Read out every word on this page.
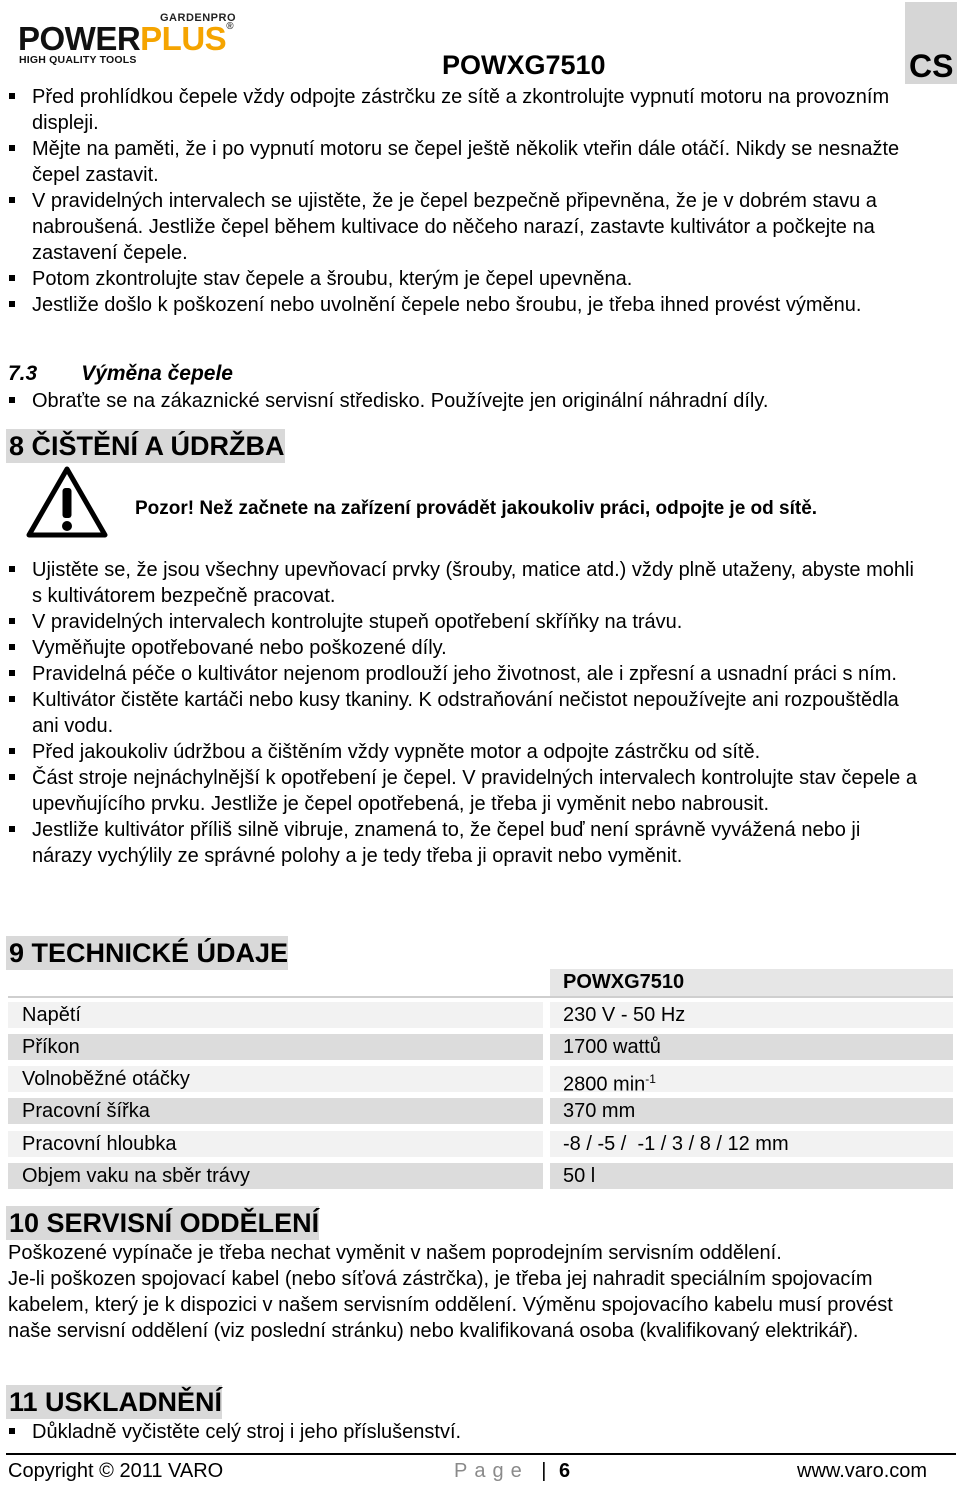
GARDENPRO
POWERPLUS®
HIGH QUALITY TOOLS	POWXG7510	CS
Před prohlídkou čepele vždy odpojte zástrčku ze sítě a zkontrolujte vypnutí motoru na provozním displeji.
Mějte na paměti, že i po vypnutí motoru se čepel ještě několik vteřin dále otáčí. Nikdy se nesnažte čepel zastavit.
V pravidelných intervalech se ujistěte, že je čepel bezpečně připevněna, že je v dobrém stavu a nabroušená. Jestliže čepel během kultivace do něčeho narazí, zastavte kultivátor a počkejte na zastavení čepele.
Potom zkontrolujte stav čepele a šroubu, kterým je čepel upevněna.
Jestliže došlo k poškození nebo uvolnění čepele nebo šroubu, je třeba ihned provést výměnu.
7.3 Výměna čepele
Obraťte se na zákaznické servisní středisko. Používejte jen originální náhradní díly.
8 ČIŠTĚNÍ A ÚDRŽBA
Pozor! Než začnete na zařízení provádět jakoukoliv práci, odpojte je od sítě.
Ujistěte se, že jsou všechny upevňovací prvky (šrouby, matice atd.) vždy plně utaženy, abyste mohli s kultivátorem bezpečně pracovat.
V pravidelných intervalech kontrolujte stupeň opotřebení skříňky na trávu.
Vyměňujte opotřebované nebo poškozené díly.
Pravidelná péče o kultivátor nejenom prodlouží jeho životnost, ale i zpřesní a usnadní práci s ním.
Kultivátor čistěte kartáči nebo kusy tkaniny. K odstraňování nečistot nepoužívejte ani rozpouštědla ani vodu.
Před jakoukoliv údržbou a čištěním vždy vypněte motor a odpojte zástrčku od sítě.
Část stroje nejnáchylnější k opotřebení je čepel. V pravidelných intervalech kontrolujte stav čepele a upevňujícího prvku. Jestliže je čepel opotřebená, je třeba ji vyměnit nebo nabrousit.
Jestliže kultivátor příliš silně vibruje, znamená to, že čepel buď není správně vyvážená nebo ji nárazy vychýlily ze správné polohy a je tedy třeba ji opravit nebo vyměnit.
9 TECHNICKÉ ÚDAJE
POWXG7510
Napětí	230 V - 50 Hz
Příkon	1700 wattů
Volnoběžné otáčky	2800 $\min^{-1}$
Pracovní šířka	370 mm
Pracovní hloubka	-8 / -5 /  -1 / 3 / 8 / 12 mm
Objem vaku na sběr trávy	50 l
10 SERVISNÍ ODDĚLENÍ
Poškozené vypínače je třeba nechat vyměnit v našem poprodejním servisním oddělení.
Je-li poškozen spojovací kabel (nebo síťová zástrčka), je třeba jej nahradit speciálním spojovacím kabelem, který je k dispozici v našem servisním oddělení. Výměnu spojovacího kabelu musí provést naše servisní oddělení (viz poslední stránku) nebo kvalifikovaná osoba (kvalifikovaný elektrikář).
11 USKLADNĚNÍ
Důkladně vyčistěte celý stroj i jeho příslušenství.
Copyright © 2011 VARO	Page | 6	www.varo.com
